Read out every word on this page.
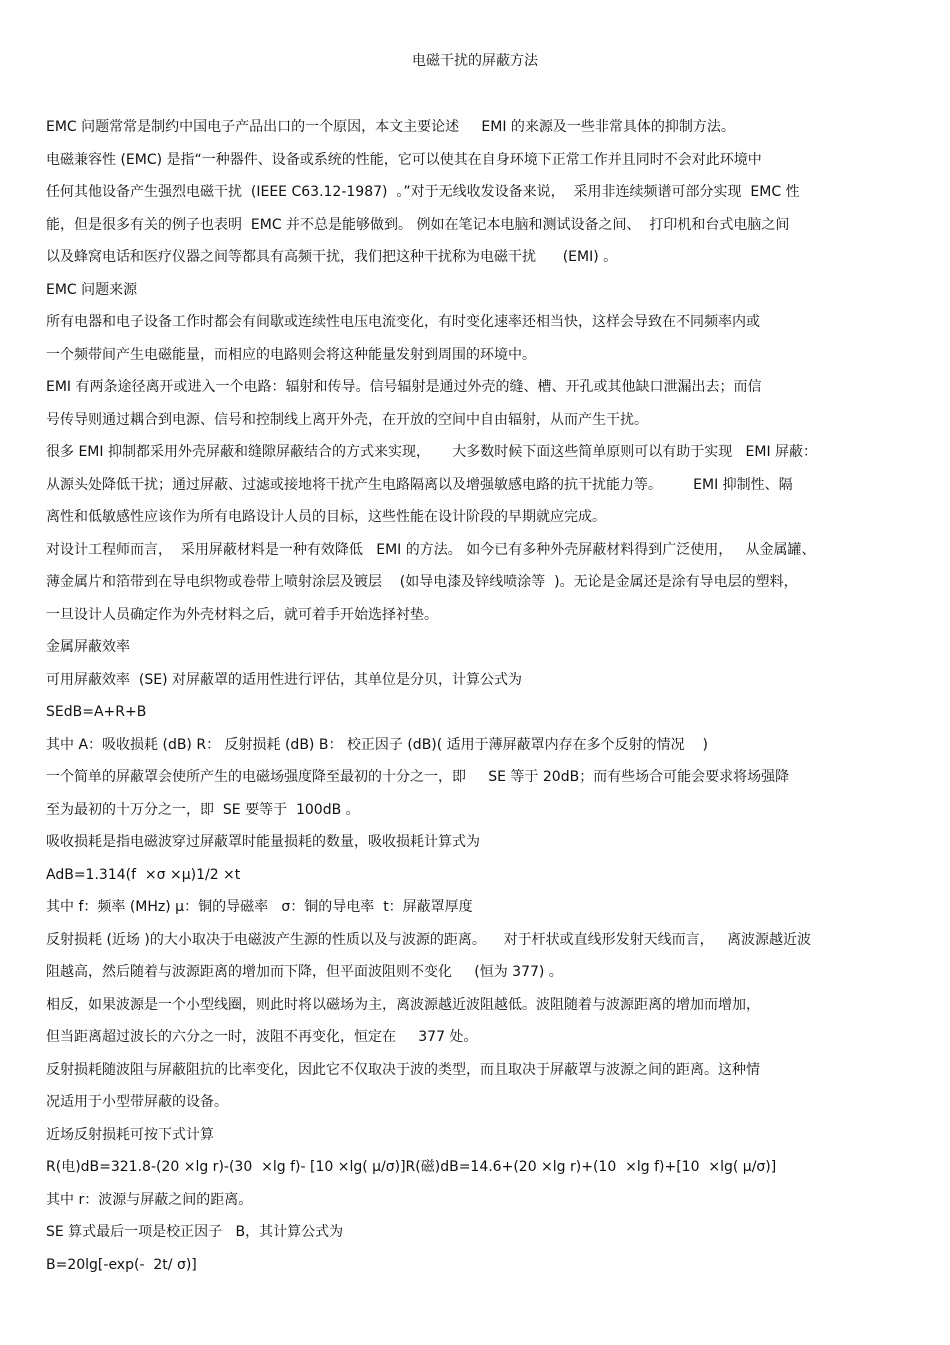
电磁干扰的屏蔽方法
EMC 问题常常是制约中国电子产品出口的一个原因，本文主要论述     EMI 的来源及一些非常具体的抑制方法。
电磁兼容性 (EMC) 是指“一种器件、设备或系统的性能，它可以使其在自身环境下正常工作并且同时不会对此环境中
任何其他设备产生强烈电磁干扰  (IEEE C63.12-1987)  。”对于无线收发设备来说，  采用非连续频谱可部分实现  EMC 性
能，但是很多有关的例子也表明  EMC 并不总是能够做到。 例如在笔记本电脑和测试设备之间、  打印机和台式电脑之间
以及蜂窝电话和医疗仪器之间等都具有高频干扰，我们把这种干扰称为电磁干扰      (EMI) 。
EMC 问题来源
所有电器和电子设备工作时都会有间歇或连续性电压电流变化，有时变化速率还相当快，这样会导致在不同频率内或
一个频带间产生电磁能量，而相应的电路则会将这种能量发射到周围的环境中。
EMI 有两条途径离开或进入一个电路：辐射和传导。信号辐射是通过外壳的缝、槽、开孔或其他缺口泄漏出去；而信
号传导则通过耦合到电源、信号和控制线上离开外壳，在开放的空间中自由辐射，从而产生干扰。
很多 EMI 抑制都采用外壳屏蔽和缝隙屏蔽结合的方式来实现，     大多数时候下面这些简单原则可以有助于实现   EMI 屏蔽：
从源头处降低干扰；通过屏蔽、过滤或接地将干扰产生电路隔离以及增强敏感电路的抗干扰能力等。       EMI 抑制性、隔
离性和低敏感性应该作为所有电路设计人员的目标，这些性能在设计阶段的早期就应完成。
对设计工程师而言，  采用屏蔽材料是一种有效降低   EMI 的方法。 如今已有多种外壳屏蔽材料得到广泛使用，   从金属罐、
薄金属片和箔带到在导电织物或卷带上喷射涂层及镀层    (如导电漆及锌线喷涂等  )。无论是金属还是涂有导电层的塑料，
一旦设计人员确定作为外壳材料之后，就可着手开始选择衬垫。
金属屏蔽效率
可用屏蔽效率  (SE) 对屏蔽罩的适用性进行评估，其单位是分贝，计算公式为
SEdB=A+R+B
其中 A：吸收损耗 (dB) R： 反射损耗 (dB) B： 校正因子 (dB)( 适用于薄屏蔽罩内存在多个反射的情况    )
一个简单的屏蔽罩会使所产生的电磁场强度降至最初的十分之一，即     SE 等于 20dB；而有些场合可能会要求将场强降
至为最初的十万分之一，即  SE 要等于  100dB 。
吸收损耗是指电磁波穿过屏蔽罩时能量损耗的数量，吸收损耗计算式为
AdB=1.314(f  ×σ ×μ)1/2 ×t
其中 f：频率 (MHz) μ：铜的导磁率   σ：铜的导电率  t：屏蔽罩厚度
反射损耗 (近场 )的大小取决于电磁波产生源的性质以及与波源的距离。    对于杆状或直线形发射天线而言，   离波源越近波
阻越高，然后随着与波源距离的增加而下降，但平面波阻则不变化     (恒为 377) 。
相反，如果波源是一个小型线圈，则此时将以磁场为主，离波源越近波阻越低。波阻随着与波源距离的增加而增加，
但当距离超过波长的六分之一时，波阻不再变化，恒定在     377 处。
反射损耗随波阻与屏蔽阻抗的比率变化，因此它不仅取决于波的类型，而且取决于屏蔽罩与波源之间的距离。这种情
况适用于小型带屏蔽的设备。
近场反射损耗可按下式计算
R(电)dB=321.8-(20 ×lg r)-(30  ×lg f)- [10 ×lg( μ/σ)]R(磁)dB=14.6+(20 ×lg r)+(10  ×lg f)+[10  ×lg( μ/σ)]
其中 r：波源与屏蔽之间的距离。
SE 算式最后一项是校正因子   B，其计算公式为
B=20lg[-exp(-  2t/ σ)]
